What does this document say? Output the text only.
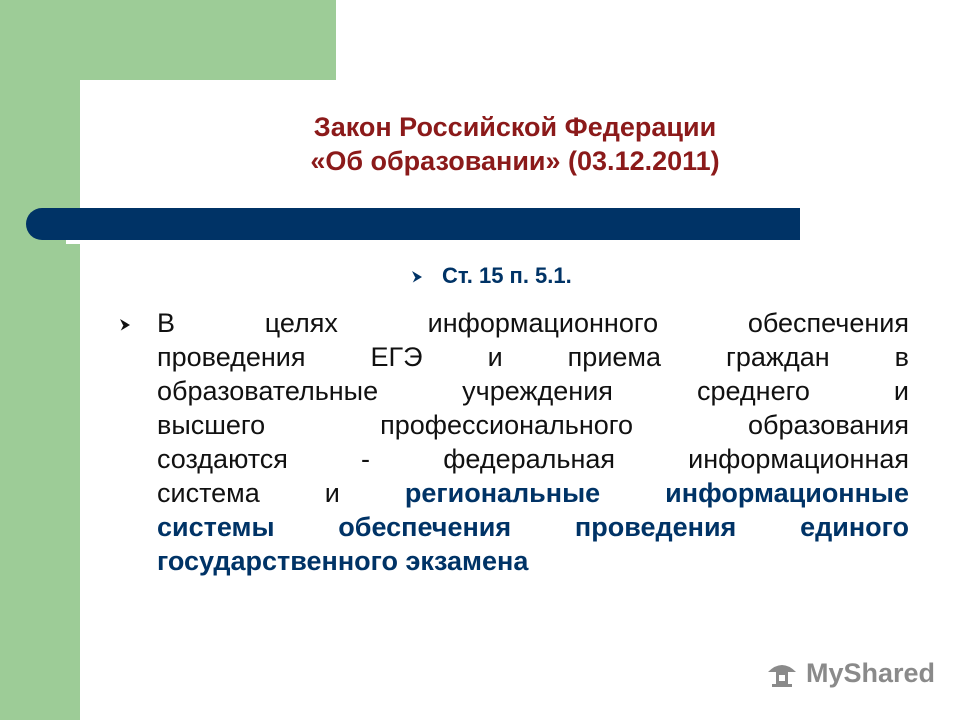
Закон Российской Федерации
«Об образовании» (03.12.2011)
Ст. 15 п. 5.1.
В целях информационного обеспечения
проведения ЕГЭ и приема граждан в
образовательные учреждения среднего и
высшего профессионального образования
создаются - федеральная информационная
система и региональные информационные
системы обеспечения проведения единого
государственного экзамена
MyShared
